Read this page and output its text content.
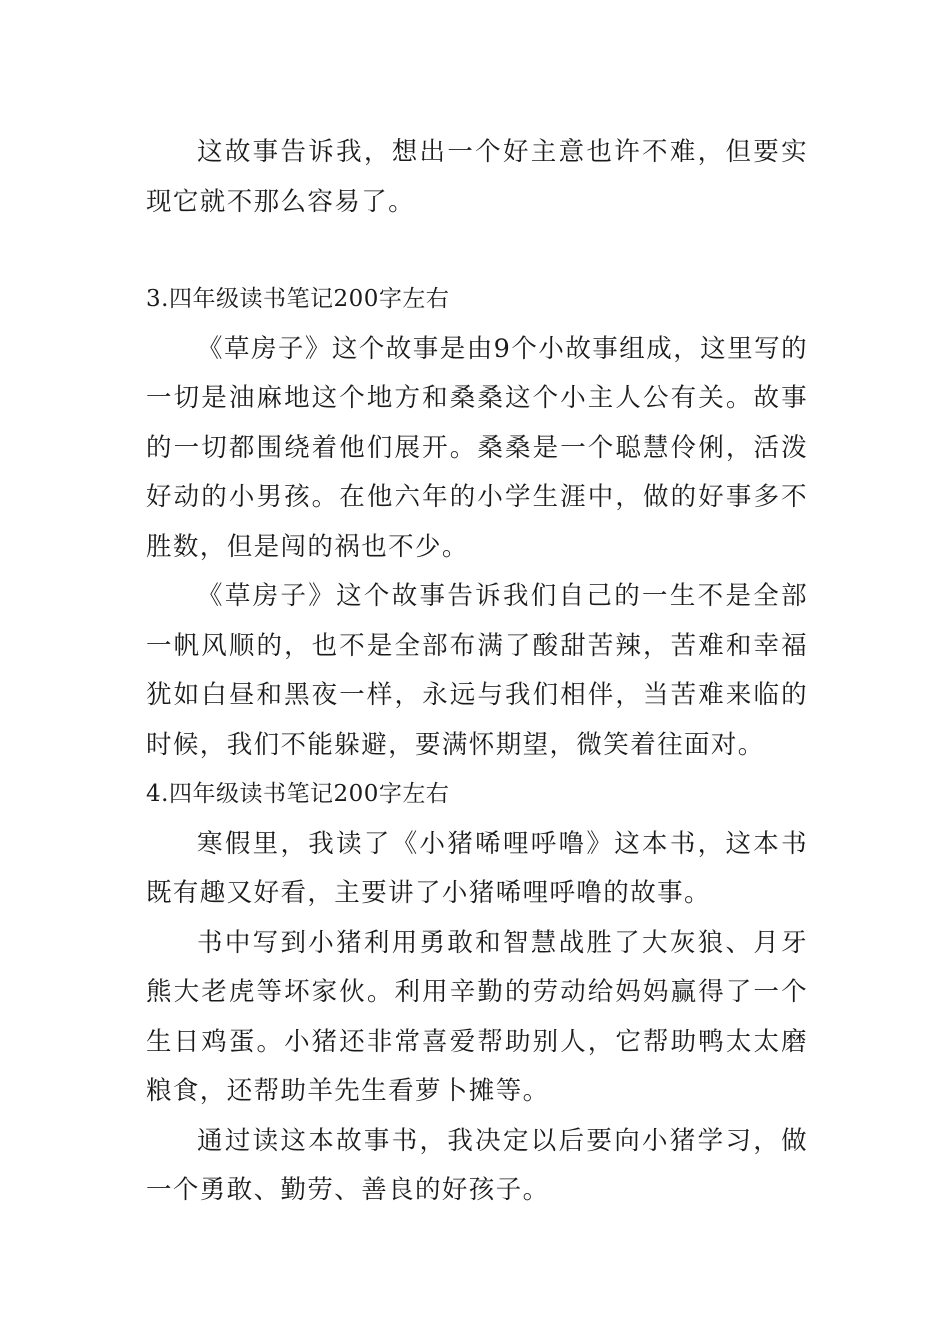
这故事告诉我，想出一个好主意也许不难，但要实现它就不那么容易了。

3.四年级读书笔记200字左右

《草房子》这个故事是由9个小故事组成，这里写的一切是油麻地这个地方和桑桑这个小主人公有关。故事的一切都围绕着他们展开。桑桑是一个聪慧伶俐，活泼好动的小男孩。在他六年的小学生涯中，做的好事多不胜数，但是闯的祸也不少。

《草房子》这个故事告诉我们自己的一生不是全部一帆风顺的，也不是全部布满了酸甜苦辣，苦难和幸福犹如白昼和黑夜一样，永远与我们相伴，当苦难来临的时候，我们不能躲避，要满怀期望，微笑着往面对。

4.四年级读书笔记200字左右

寒假里，我读了《小猪唏哩呼噜》这本书，这本书既有趣又好看，主要讲了小猪唏哩呼噜的故事。

书中写到小猪利用勇敢和智慧战胜了大灰狼、月牙熊大老虎等坏家伙。利用辛勤的劳动给妈妈赢得了一个生日鸡蛋。小猪还非常喜爱帮助别人，它帮助鸭太太磨粮食，还帮助羊先生看萝卜摊等。

通过读这本故事书，我决定以后要向小猪学习，做一个勇敢、勤劳、善良的好孩子。
